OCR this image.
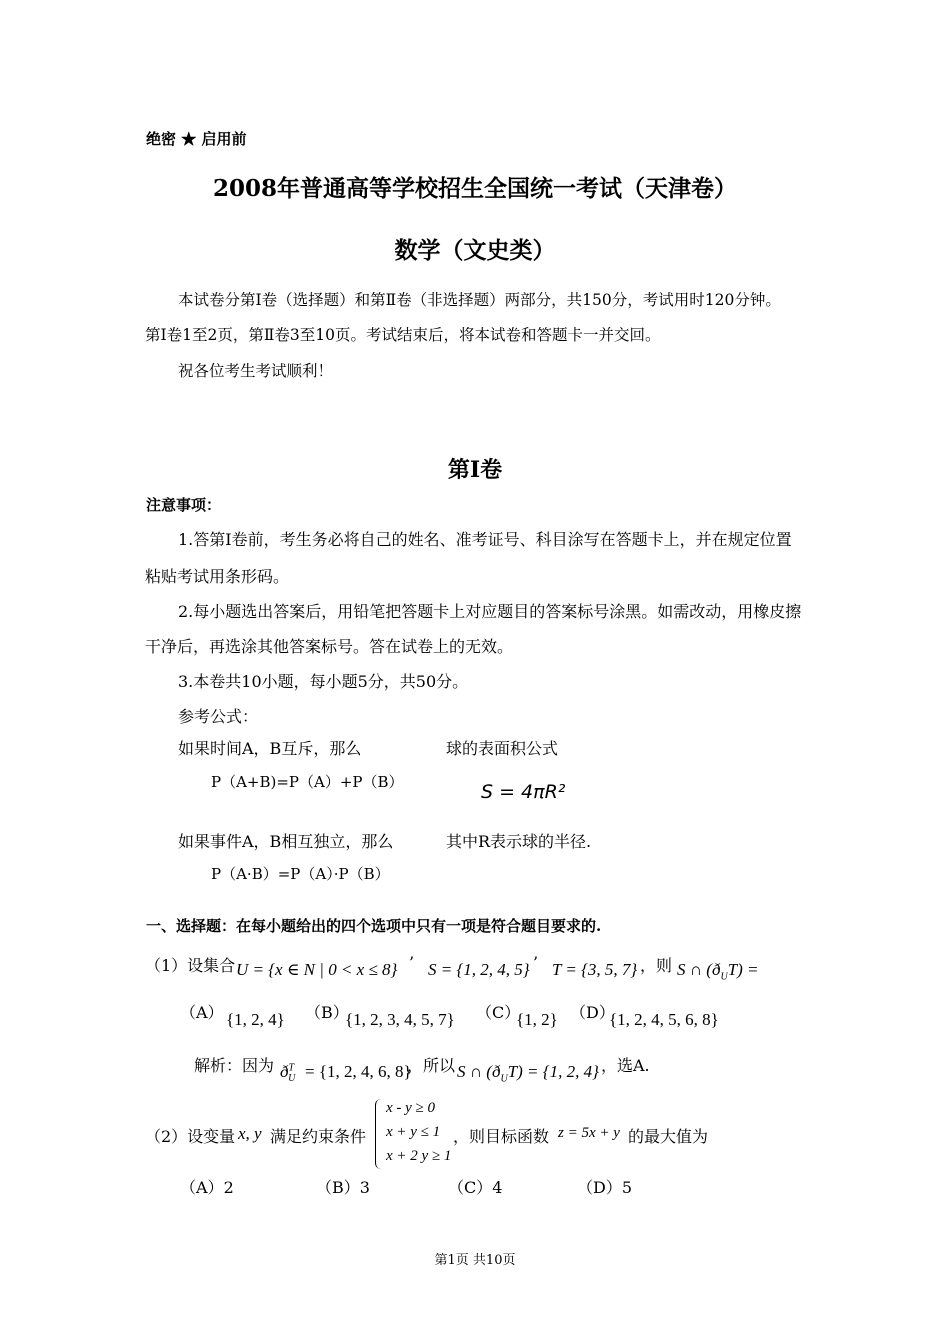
绝密 ★ 启用前
2008年普通高等学校招生全国统一考试（天津卷）
数学（文史类）
本试卷分第Ⅰ卷（选择题）和第Ⅱ卷（非选择题）两部分，共150分，考试用时120分钟。
第Ⅰ卷1至2页，第Ⅱ卷3至10页。考试结束后，将本试卷和答题卡一并交回。
祝各位考生考试顺利！
第Ⅰ卷
注意事项：
1.答第Ⅰ卷前，考生务必将自己的姓名、准考证号、科目涂写在答题卡上，并在规定位置
粘贴考试用条形码。
2.每小题选出答案后，用铅笔把答题卡上对应题目的答案标号涂黑。如需改动，用橡皮擦
干净后，再选涂其他答案标号。答在试卷上的无效。
3.本卷共10小题，每小题5分，共50分。
参考公式：
如果时间A，B互斥，那么	球的表面积公式
P（A+B)=P（A）+P（B）	S = 4πR²
如果事件A，B相互独立，那么	其中R表示球的半径.
P（A·B）=P（A）·P（B）
一、选择题：在每小题给出的四个选项中只有一项是符合题目要求的.
（1）设集合 U = {x ∈ N | 0 < x ≤ 8} ’ S = {1, 2, 4, 5} ’ T = {3, 5, 7} ，则 S ∩ $(ð_UT)$ =
（A） {1, 2, 4} （B）
{1, 2, 3, 4, 5, 7} （C）
{1, 2} （D）
{1, 2, 4, 5, 6, 8}
解析：因为 $ð^T_U = \{1$, 2, 4, 6, 8}
，所以 S ∩ $(ð_UT) = \{1$, 2, 4} ，选A.
（2）设变量 x, y 满足约束条件
x - y ≥ 0
x + y ≤ 1
x + 2 y ≥ 1
，则目标函数 z = 5x + y 的最大值为
（A）2	（B）3	（C）4	（D）5
第1页 共10页
